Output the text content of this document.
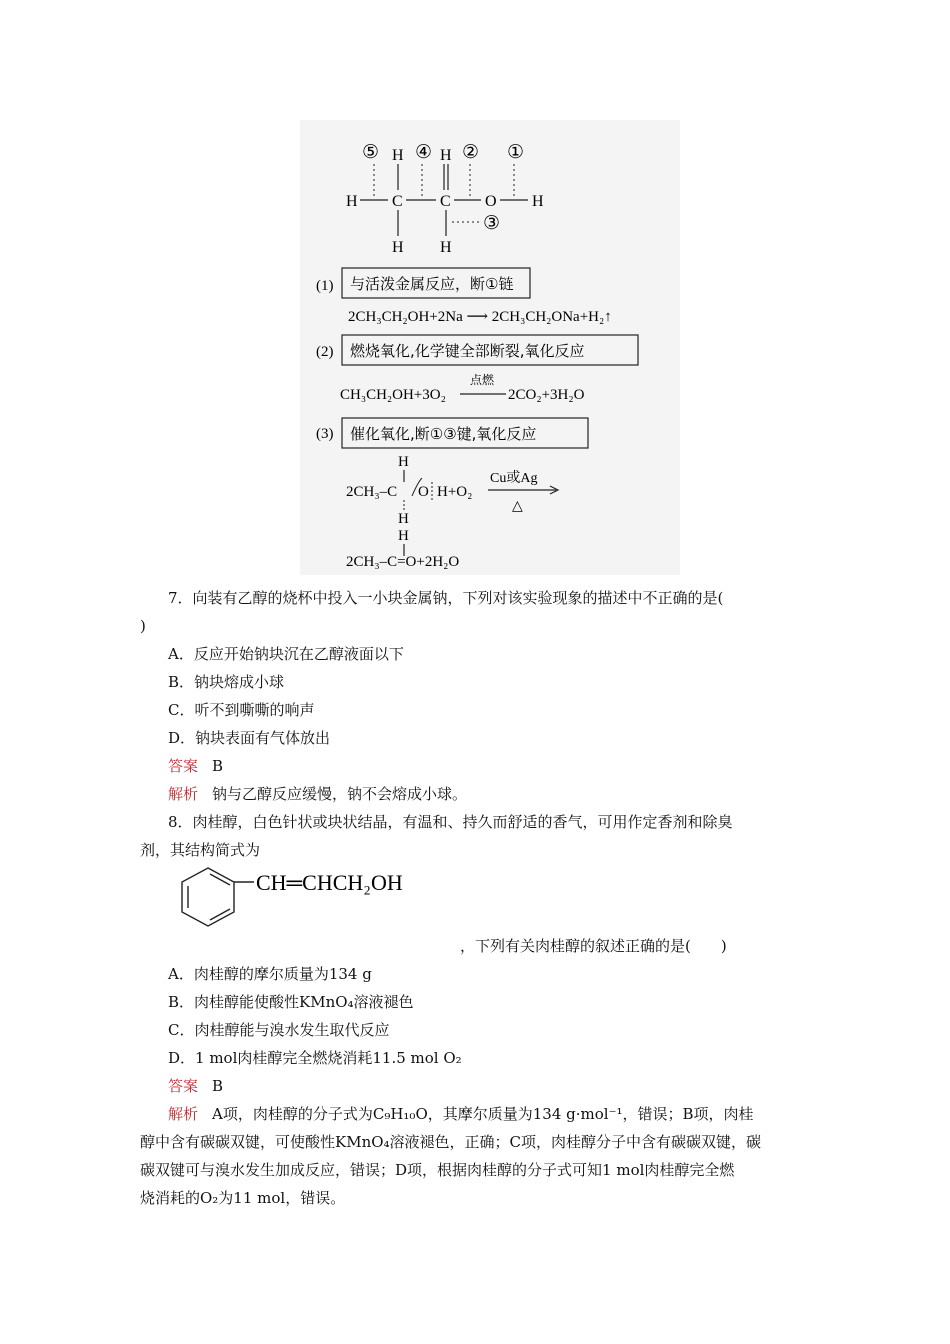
⑤ ④ ② ①
③
H H
H C C O H
H H
(1) 与活泼金属反应，断①链
2CH₃CH₂OH+2Na ⟶ 2CH₃CH₂ONa+H₂↑
(2) 燃烧氧化,化学键全部断裂,氧化反应
CH₃CH₂OH+3O₂
点燃
2CO₂+3H₂O
(3) 催化氧化,断①③键,氧化反应
H
2CH₃–C O H+O₂
H
Cu或Ag
△
H
2CH₃–C=O+2H₂O
7．向装有乙醇的烧杯中投入一小块金属钠，下列对该实验现象的描述中不正确的是(
)
A．反应开始钠块沉在乙醇液面以下
B．钠块熔成小球
C．听不到嘶嘶的响声
D．钠块表面有气体放出
答案 B
解析 钠与乙醇反应缓慢，钠不会熔成小球。
8．肉桂醇，白色针状或块状结晶，有温和、持久而舒适的香气，可用作定香剂和除臭
剂，其结构简式为
CH═CHCH₂OH
，下列有关肉桂醇的叙述正确的是(　　)
A．肉桂醇的摩尔质量为134 g
B．肉桂醇能使酸性KMnO₄溶液褪色
C．肉桂醇能与溴水发生取代反应
D．1 mol肉桂醇完全燃烧消耗11.5 mol O₂
答案 B
解析 A项，肉桂醇的分子式为C₉H₁₀O，其摩尔质量为134 g·mol⁻¹，错误；B项，肉桂
醇中含有碳碳双键，可使酸性KMnO₄溶液褪色，正确；C项，肉桂醇分子中含有碳碳双键，碳
碳双键可与溴水发生加成反应，错误；D项，根据肉桂醇的分子式可知1 mol肉桂醇完全燃
烧消耗的O₂为11 mol，错误。
